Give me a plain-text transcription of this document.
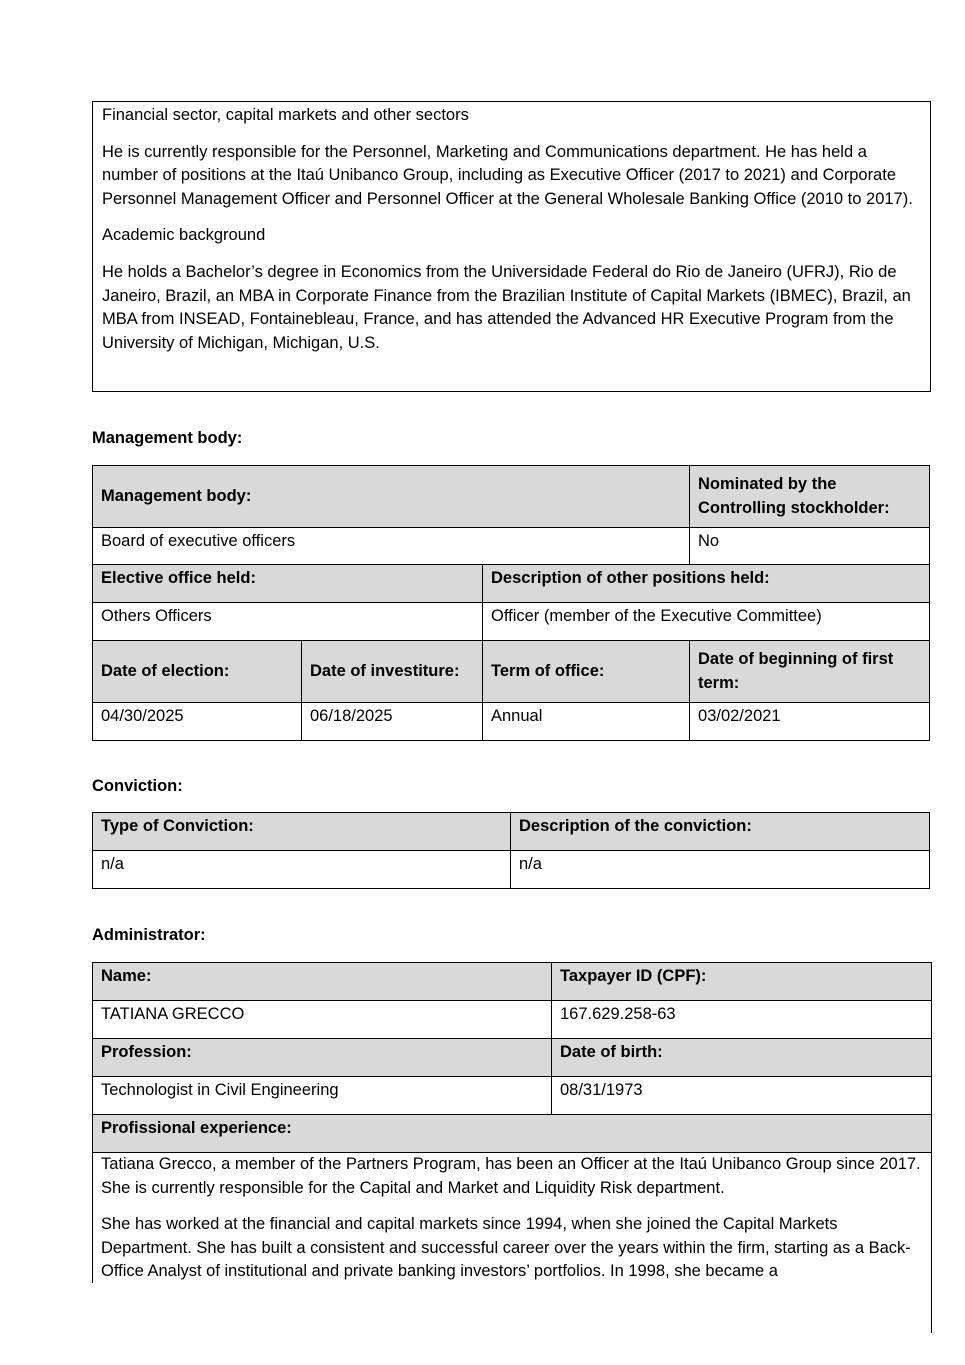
Financial sector, capital markets and other sectors

He is currently responsible for the Personnel, Marketing and Communications department. He has held a number of positions at the Itaú Unibanco Group, including as Executive Officer (2017 to 2021) and Corporate Personnel Management Officer and Personnel Officer at the General Wholesale Banking Office (2010 to 2017).

Academic background

He holds a Bachelor’s degree in Economics from the Universidade Federal do Rio de Janeiro (UFRJ), Rio de Janeiro, Brazil, an MBA in Corporate Finance from the Brazilian Institute of Capital Markets (IBMEC), Brazil, an MBA from INSEAD, Fontainebleau, France, and has attended the Advanced HR Executive Program from the University of Michigan, Michigan, U.S.

Management body:
Management body:			Nominated by the Controlling stockholder:
Board of executive officers			No
Elective office held:		Description of other positions held:	
Others Officers		Officer (member of the Executive Committee)	
Date of election:	Date of investiture:	Term of office:	Date of beginning of first term:
04/30/2025	06/18/2025	Annual	03/02/2021
Conviction:
Type of Conviction:	Description of the conviction:
n/a	n/a
Administrator:
Name:	Taxpayer ID (CPF):
TATIANA GRECCO	167.629.258-63
Profession:	Date of birth:
Technologist in Civil Engineering	08/31/1973
Profissional experience:	

Tatiana Grecco, a member of the Partners Program, has been an Officer at the Itaú Unibanco Group since 2017. She is currently responsible for the Capital and Market and Liquidity Risk department.

She has worked at the financial and capital markets since 1994, when she joined the Capital Markets Department. She has built a consistent and successful career over the years within the firm, starting as a Back-Office Analyst of institutional and private banking investors’ portfolios. In 1998, she became a	
